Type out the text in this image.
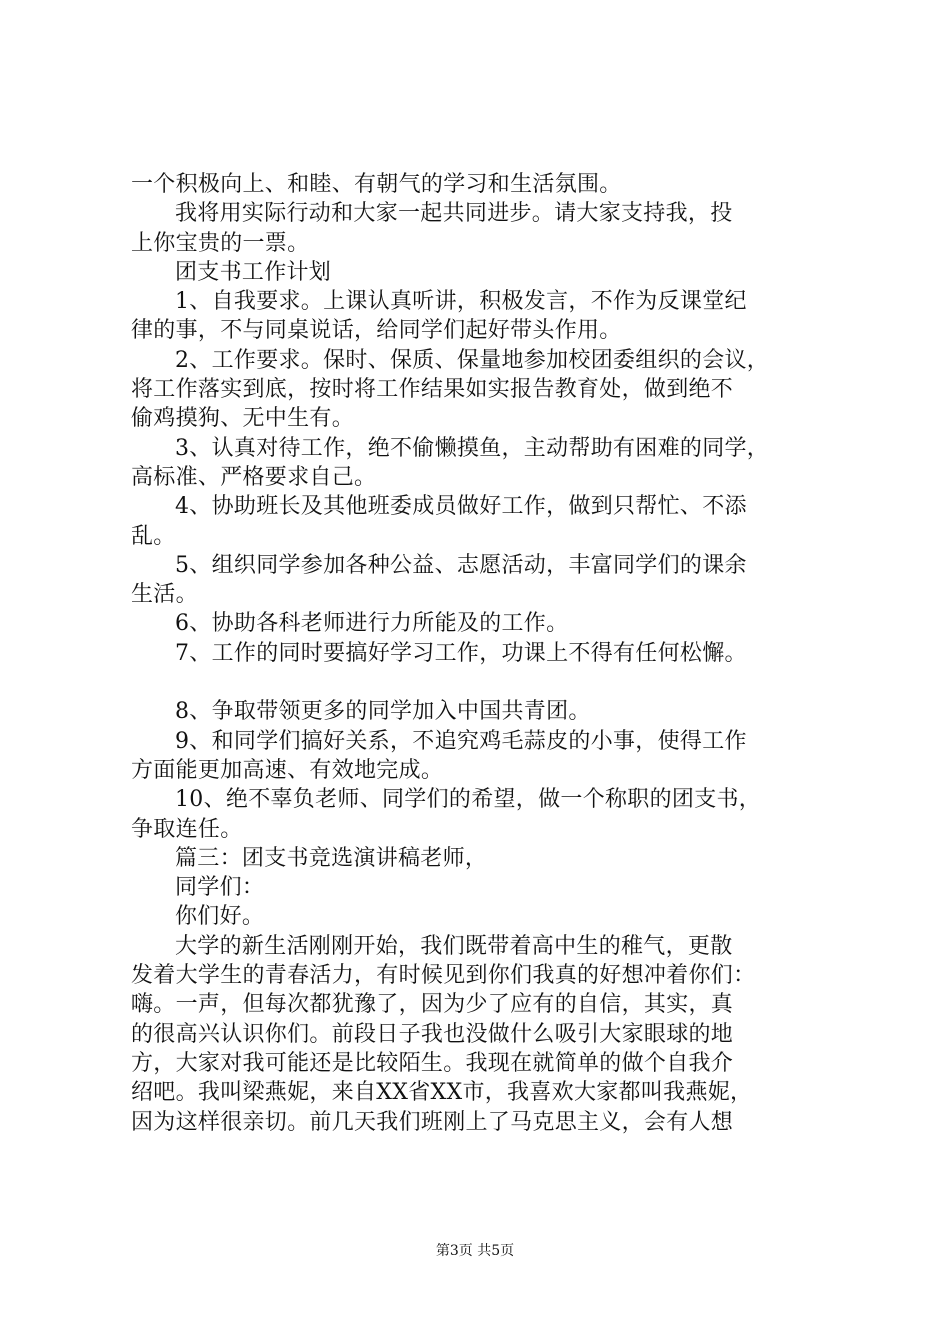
一个积极向上、和睦、有朝气的学习和生活氛围。
我将用实际行动和大家一起共同进步。请大家支持我，投
上你宝贵的一票。
团支书工作计划
1、自我要求。上课认真听讲，积极发言，不作为反课堂纪
律的事，不与同桌说话，给同学们起好带头作用。
2、工作要求。保时、保质、保量地参加校团委组织的会议，
将工作落实到底，按时将工作结果如实报告教育处，做到绝不
偷鸡摸狗、无中生有。
3、认真对待工作，绝不偷懒摸鱼，主动帮助有困难的同学，
高标准、严格要求自己。
4、协助班长及其他班委成员做好工作，做到只帮忙、不添
乱。
5、组织同学参加各种公益、志愿活动，丰富同学们的课余
生活。
6、协助各科老师进行力所能及的工作。
7、工作的同时要搞好学习工作，功课上不得有任何松懈。
8、争取带领更多的同学加入中国共青团。
9、和同学们搞好关系，不追究鸡毛蒜皮的小事，使得工作
方面能更加高速、有效地完成。
10、绝不辜负老师、同学们的希望，做一个称职的团支书，
争取连任。
篇三：团支书竞选演讲稿老师，
同学们：
你们好。
大学的新生活刚刚开始，我们既带着高中生的稚气，更散
发着大学生的青春活力，有时候见到你们我真的好想冲着你们：
嗨。一声，但每次都犹豫了，因为少了应有的自信，其实，真
的很高兴认识你们。前段日子我也没做什么吸引大家眼球的地
方，大家对我可能还是比较陌生。我现在就简单的做个自我介
绍吧。我叫梁燕妮，来自XX省XX市，我喜欢大家都叫我燕妮，
因为这样很亲切。前几天我们班刚上了马克思主义，会有人想
第3页 共5页
